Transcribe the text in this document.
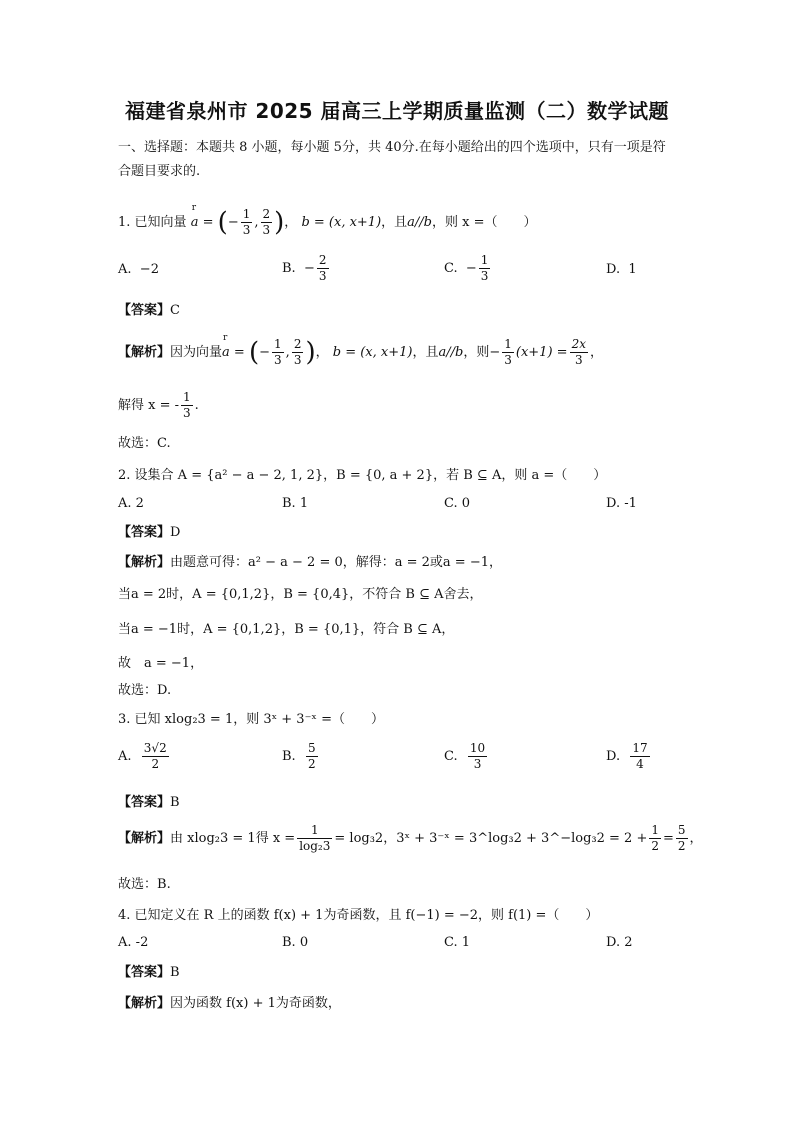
福建省泉州市 2025 届高三上学期质量监测（二）数学试题
一、选择题：本题共 8 小题，每小题 5分，共 40分.在每小题给出的四个选项中，只有一项是符合题目要求的.
1. 已知向量 r a = (− $\frac{1}{3}$ , $\frac{2}{3}$ )， b = (x, x+1)，且a//b，则 x =（　　）
A. −2	B. − $\frac{2}{3}$	C. − $\frac{1}{3}$	D. 1
【答案】C
【解析】因为向量r a = (− $\frac{1}{3}$ , $\frac{2}{3}$ )， b = (x, x+1)，且a//b，则− $\frac{1}{3} (x+1) = \frac{2x}{3}$ ，
解得 x = - $\frac{1}{3}$ .
故选：C.
2. 设集合 A = {a² − a − 2, 1, 2}，B = {0, a + 2}，若 B ⊆ A，则 a =（　　）
A. 2	B. 1	C. 0	D. -1
【答案】D
【解析】由题意可得：a² − a − 2 = 0，解得：a = 2或a = −1，
当a = 2时，A = {0,1,2}，B = {0,4}，不符合 B ⊆ A舍去，
当a = −1时，A = {0,1,2}，B = {0,1}，符合 B ⊆ A，
故　a = −1，
故选：D.
3. 已知 xlog₂3 = 1，则 3ˣ + 3⁻ˣ =（　　）
A. $\frac{3√2}{2}$	B. $\frac{5}{2}$	C. $\frac{10}{3}$	D. $\frac{17}{4}$
【答案】B
【解析】由 xlog₂3 = 1得 $x = \frac{1}{\text{log₂3}} = \log_32$，3ˣ + 3⁻ˣ = 3^log₃2 + 3^−log₃2 = $2 + \frac{1}{2} = \frac{5}{2}$ ，
故选：B.
4. 已知定义在 R 上的函数 f(x) + 1为奇函数，且 f(−1) = −2，则 f(1) =（　　）
A. -2	B. 0	C. 1	D. 2
【答案】B
【解析】因为函数 f(x) + 1为奇函数，
